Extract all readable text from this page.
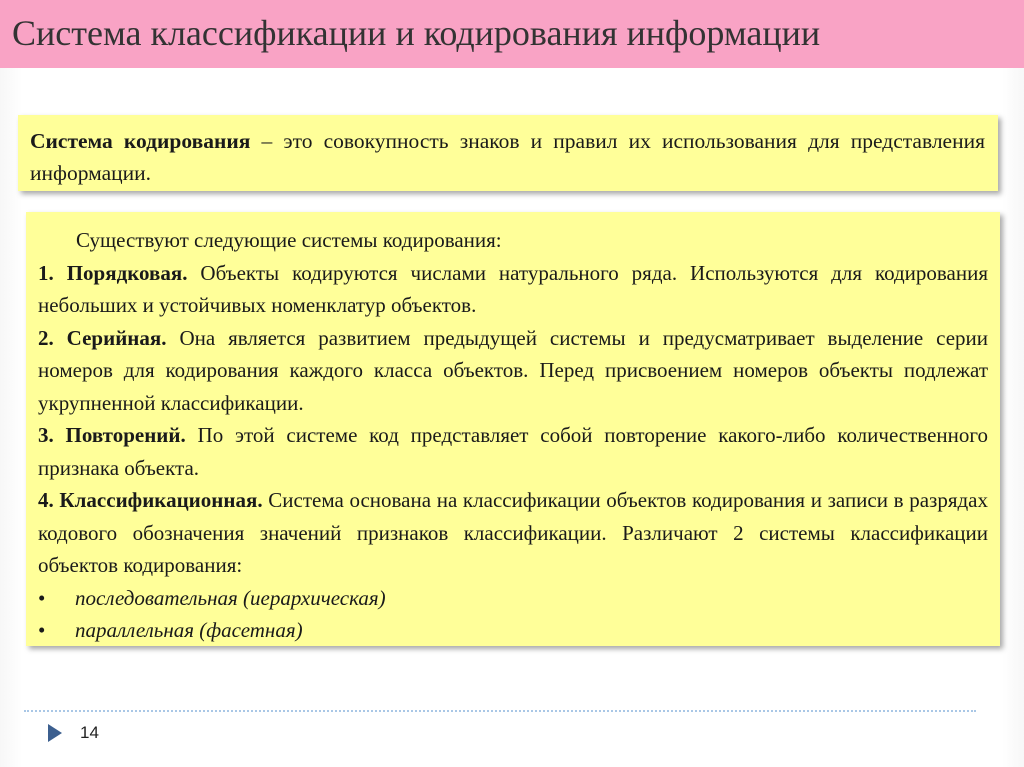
Система классификации и кодирования информации
Система кодирования – это совокупность знаков и правил их использования для представления информации.
Существуют следующие системы кодирования:
1. Порядковая. Объекты кодируются числами натурального ряда. Используются для кодирования небольших и устойчивых номенклатур объектов.
2. Серийная. Она является развитием предыдущей системы и предусматривает выделение серии номеров для кодирования каждого класса объектов. Перед присвоением номеров объекты подлежат укрупненной классификации.
3. Повторений. По этой системе код представляет собой повторение какого-либо количественного признака объекта.
4. Классификационная. Система основана на классификации объектов кодирования и записи в разрядах кодового обозначения значений признаков классификации. Различают 2 системы классификации объектов кодирования:
• последовательная (иерархическая)
• параллельная (фасетная)
14
